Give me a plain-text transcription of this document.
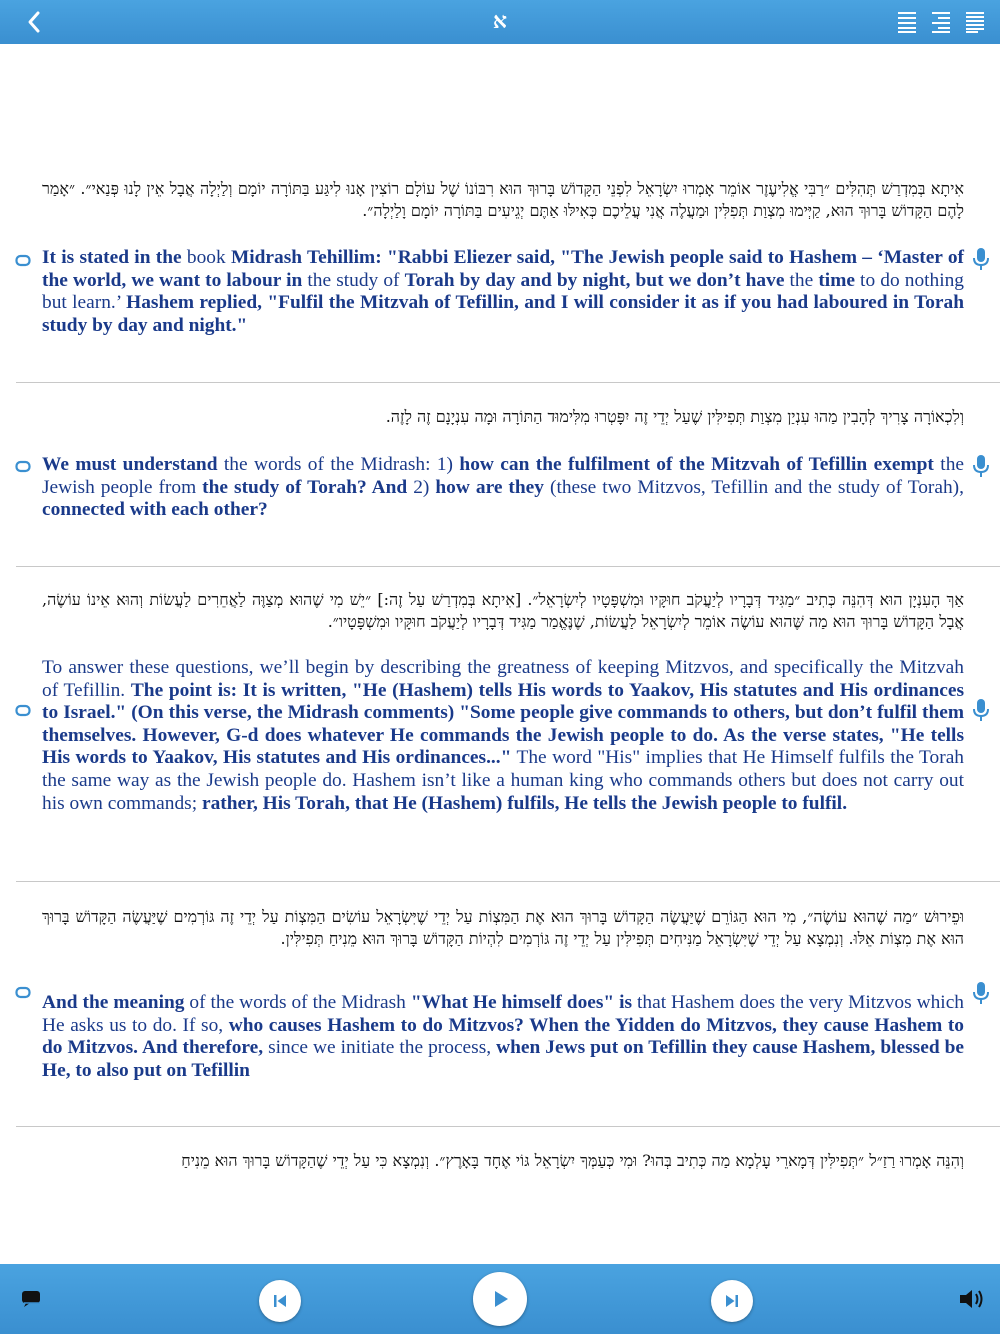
א
אִיתָא בְּמִדְרַשׁ תְּהִלִּים ״רַבִּי אֱלִיעֶזֶר אוֹמֵר אָמְרוּ יִשְׂרָאֵל לִפְנֵי הַקָּדוֹשׁ בָּרוּךְ הוּא רִבּוֹנוֹ שֶׁל עוֹלָם רוֹצִין אָנוּ לִיגַּע בַּתּוֹרָה יוֹמָם וְלַיְלָה אֲבָל אֵין לָנוּ פְּנַאי״. ״אָמַר לָהֶם הַקָּדוֹשׁ בָּרוּךְ הוּא, קַיְּימוּ מִצְוַת תְּפִלִּין וּמַעֲלֶה אֲנִי עֲלֵיכֶם כְּאִילּוּ אַתֶּם יְגֵיעִים בַּתּוֹרָה יוֹמָם וָלַיְלָה״.
It is stated in the book Midrash Tehillim: "Rabbi Eliezer said, "The Jewish people said to Hashem – ‘Master of the world, we want to labour in the study of Torah by day and by night, but we don’t have the time to do nothing but learn.’ Hashem replied, "Fulfil the Mitzvah of Tefillin, and I will consider it as if you had laboured in Torah study by day and night."
וְלִכְאוֹרָה צָרִיךְ לְהָבִין מַהוּ עִנְיַן מִצְוַת תְּפִילִּין שֶׁעַל יְדֵי זֶה יִפָּטְרוּ מִלִּימוּד הַתּוֹרָה וּמָה עִנְיָנָם זֶה לָזֶה.
We must understand the words of the Midrash: 1) how can the fulfilment of the Mitzvah of Tefillin exempt the Jewish people from the study of Torah? And 2) how are they (these two Mitzvos, Tefillin and the study of Torah), connected with each other?
אַךְ הָעִנְיָן הוּא דְּהִנֵּה כְּתִיב ״מַגִּיד דְּבָרָיו לְיַעֲקֹב חוּקָּיו וּמִשְׁפָּטָיו לְיִשְׂרָאֵל״. [אִיתָא בְּמִדְרַשׁ עַל זֶה:] ״יֵשׁ מִי שֶׁהוּא מְצַוֶּה לַאֲחֵרִים לַעֲשׂוֹת וְהוּא אֵינוֹ עוֹשֶׂה, אֲבָל הַקָּדוֹשׁ בָּרוּךְ הוּא מַה שֶּׁהוּא עוֹשֶׂה אוֹמֵר לְיִשְׂרָאֵל לַעֲשׂוֹת, שֶׁנֶּאֱמַר מַגִּיד דְּבָרָיו לְיַעֲקֹב חוּקָּיו וּמִשְׁפָּטָיו״.
To answer these questions, we’ll begin by describing the greatness of keeping Mitzvos, and specifically the Mitzvah of Tefillin. The point is: It is written, "He (Hashem) tells His words to Yaakov, His statutes and His ordinances to Israel." (On this verse, the Midrash comments) "Some people give commands to others, but don’t fulfil them themselves. However, G-d does whatever He commands the Jewish people to do. As the verse states, "He tells His words to Yaakov, His statutes and His ordinances..." The word "His" implies that He Himself fulfils the Torah the same way as the Jewish people do. Hashem isn’t like a human king who commands others but does not carry out his own commands; rather, His Torah, that He (Hashem) fulfils, He tells the Jewish people to fulfil.
וּפֵירוּשׁ ״מַה שֶׁהוּא עוֹשֶׂה״, מִי הוּא הַגּוֹרֵם שֶׁיַּעֲשֶׂה הַקָּדוֹשׁ בָּרוּךְ הוּא אֶת הַמִּצְוֹת עַל יְדֵי שֶׁיִּשְׂרָאֵל עוֹשִׂים הַמִּצְוֹת עַל יְדֵי זֶה גּוֹרְמִים שֶׁיַּעֲשֶׂה הַקָּדוֹשׁ בָּרוּךְ הוּא אֶת מִצְוֹת אֵלּוּ. וְנִמְצָא עַל יְדֵי שֶׁיִּשְׂרָאֵל מַנִּיחִים תְּפִילִּין עַל יְדֵי זֶה גּוֹרְמִים לִהְיוֹת הַקָּדוֹשׁ בָּרוּךְ הוּא מֵנִיחַ תְּפִילִּין.
And the meaning of the words of the Midrash "What He himself does" is that Hashem does the very Mitzvos which He asks us to do. If so, who causes Hashem to do Mitzvos? When the Yidden do Mitzvos, they cause Hashem to do Mitzvos. And therefore, since we initiate the process, when Jews put on Tefillin they cause Hashem, blessed be He, to also put on Tefillin
וְהִנֵּה אָמְרוּ רַזַ״ל ״תְּפִילִּין דְּמָארֵי עָלְמָא מַה כְּתִיב בְּהוּ? וּמִי כְּעַמְּךָ יִשְׂרָאֵל גּוֹי אֶחָד בָּאָרֶץ״. וְנִמְצָא כִּי עַל יְדֵי שֶׁהַקָּדוֹשׁ בָּרוּךְ הוּא מֵנִיחַ
